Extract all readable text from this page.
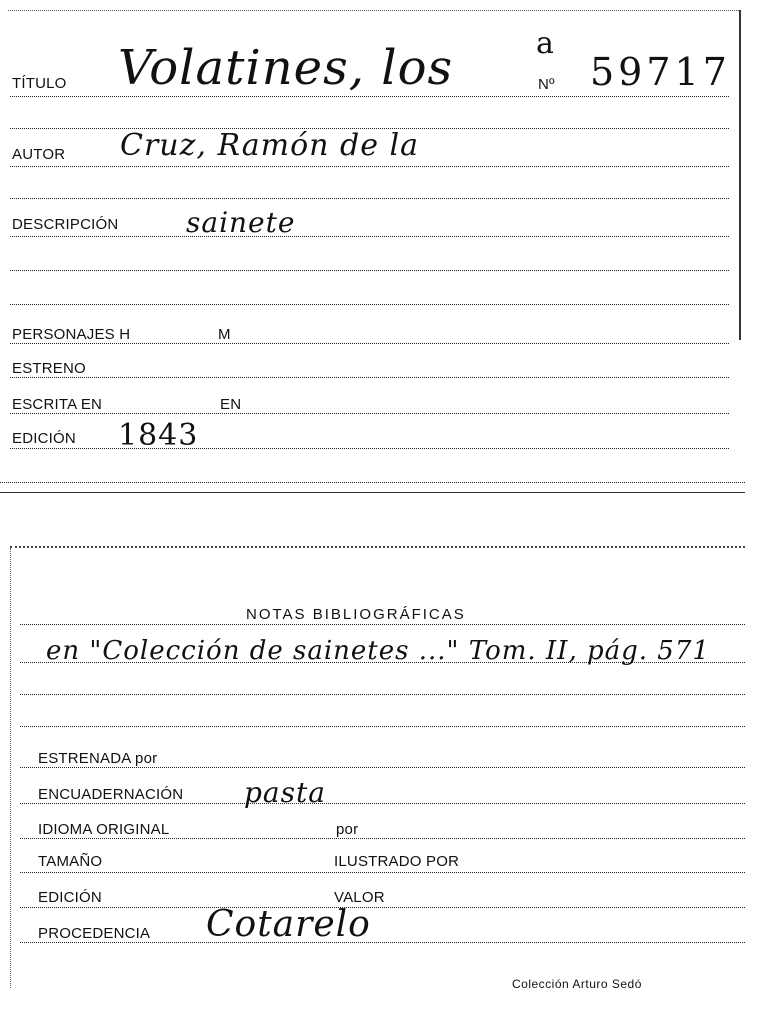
TÍTULO Volatines, los	a
Nº 59717
AUTOR Cruz, Ramón de la
DESCRIPCIÓN sainete
PERSONAJES H	M
ESTRENO
ESCRITA EN	EN
EDICIÓN 1843
NOTAS BIBLIOGRÁFICAS
en "Colección de sainetes ..." Tom. II, pág. 571
ESTRENADA por
ENCUADERNACIÓN pasta
IDIOMA ORIGINAL	por
TAMAÑO	ILUSTRADO POR
EDICIÓN	VALOR
PROCEDENCIA Cotarelo
Colección Arturo Sedó
